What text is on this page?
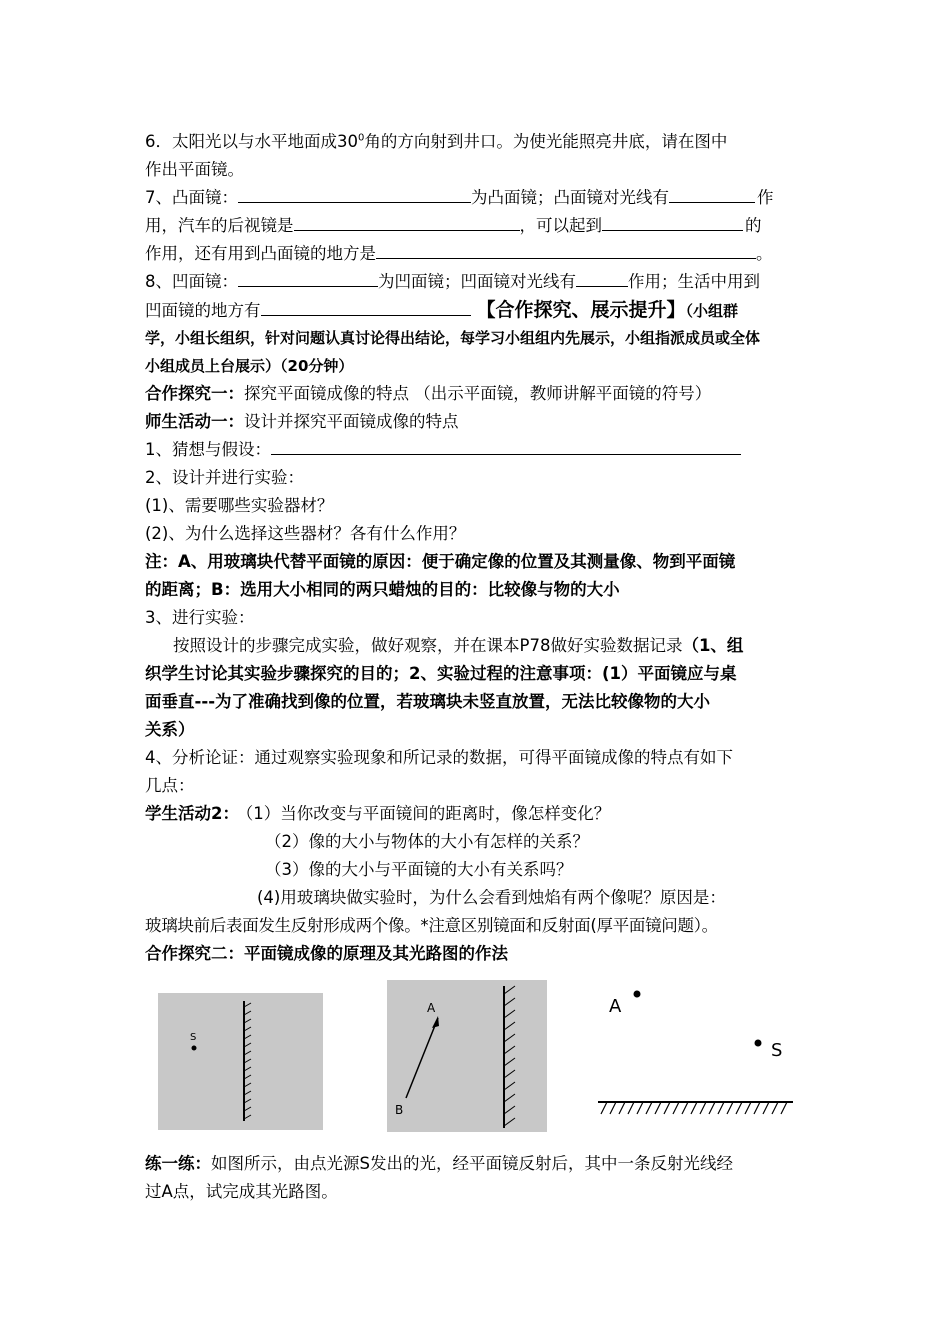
6．太阳光以与水平地面成$30^0$角的方向射到井口。为使光能照亮井底，请在图中
作出平面镜。
7、凸面镜：	为凸面镜；凸面镜对光线有	作
用，汽车的后视镜是	，可以起到	的
作用，还有用到凸面镜的地方是	。
8、凹面镜：	为凹面镜；凹面镜对光线有	作用；生活中用到
凹面镜的地方有	【合作探究、展示提升】（小组群
学，小组长组织，针对问题认真讨论得出结论，每学习小组组内先展示，小组指派成员或全体
小组成员上台展示）（20分钟）
合作探究一：探究平面镜成像的特点 （出示平面镜，教师讲解平面镜的符号）
师生活动一：设计并探究平面镜成像的特点
1、猜想与假设：
2、设计并进行实验：
(1)、需要哪些实验器材？
(2)、为什么选择这些器材？各有什么作用？
注：A、用玻璃块代替平面镜的原因：便于确定像的位置及其测量像、物到平面镜
的距离；B：选用大小相同的两只蜡烛的目的：比较像与物的大小
3、进行实验：
按照设计的步骤完成实验，做好观察，并在课本P78做好实验数据记录（1、组
织学生讨论其实验步骤探究的目的；2、实验过程的注意事项：(1）平面镜应与桌
面垂直---为了准确找到像的位置，若玻璃块未竖直放置，无法比较像物的大小
关系）
4、分析论证：通过观察实验现象和所记录的数据，可得平面镜成像的特点有如下
几点：
学生活动2： （1）当你改变与平面镜间的距离时，像怎样变化？
（2）像的大小与物体的大小有怎样的关系？
（3）像的大小与平面镜的大小有关系吗？
(4)用玻璃块做实验时，为什么会看到烛焰有两个像呢？原因是：
玻璃块前后表面发生反射形成两个像。*注意区别镜面和反射面(厚平面镜问题）。
合作探究二：平面镜成像的原理及其光路图的作法
S
A
B
A
S
练一练：如图所示，由点光源S发出的光，经平面镜反射后，其中一条反射光线经
过A点，试完成其光路图。
